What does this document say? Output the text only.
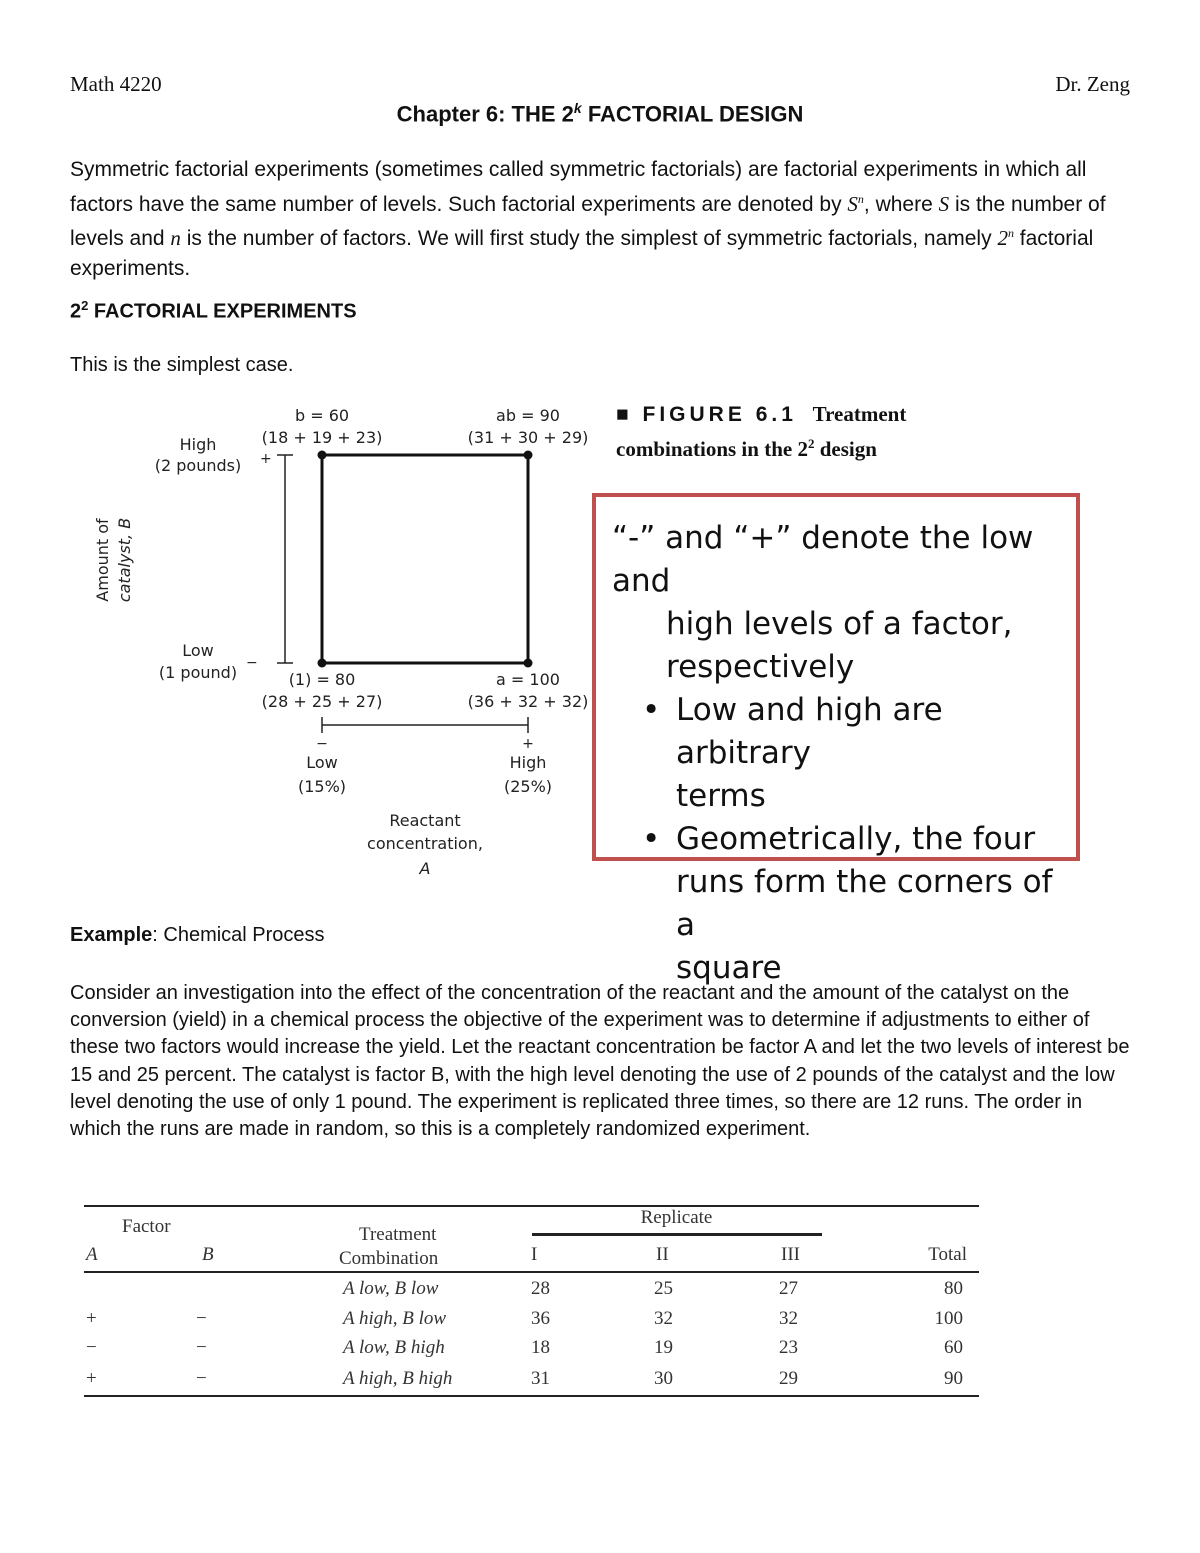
Math 4220	Dr. Zeng
Chapter 6: THE 2$^k$ FACTORIAL DESIGN
Symmetric factorial experiments (sometimes called symmetric factorials) are factorial experiments in which all factors have the same number of levels. Such factorial experiments are denoted by $S^n$, where S is the number of levels and n is the number of factors. We will first study the simplest of symmetric factorials, namely 2$^n$ factorial experiments.
$2^2$ FACTORIAL EXPERIMENTS
This is the simplest case.
b = 60
(18 + 19 + 23)
ab = 90
(31 + 30 + 29)
(1) = 80
(28 + 25 + 27)
a = 100
(36 + 32 + 32)
High
(2 pounds) +
Low
(1 pound) −
Amount of catalyst, B
−	+
Low
(15%)
High
(25%)
Reactant
concentration,
A
■ FIGURE 6.1 Treatment
combinations in the $2^2$ design
“-” and “+” denote the low and
high levels of a factor,
respectively
• Low and high are arbitrary
terms
• Geometrically, the four
runs form the corners of a
square
Example: Chemical Process
Consider an investigation into the effect of the concentration of the reactant and the amount of the catalyst on the conversion (yield) in a chemical process the objective of the experiment was to determine if adjustments to either of these two factors would increase the yield. Let the reactant concentration be factor A and let the two levels of interest be 15 and 25 percent. The catalyst is factor B, with the high level denoting the use of 2 pounds of the catalyst and the low level denoting the use of only 1 pound. The experiment is replicated three times, so there are 12 runs. The order in which the runs are made in random, so this is a completely randomized experiment.
Factor		Treatment
Combination	Replicate			
A	B		I	II	III	Total
		A low, B low	28	25	27	80
+	−	A high, B low	36	32	32	100
−	−	A low, B high	18	19	23	60
+	−	A high, B high	31	30	29	90
